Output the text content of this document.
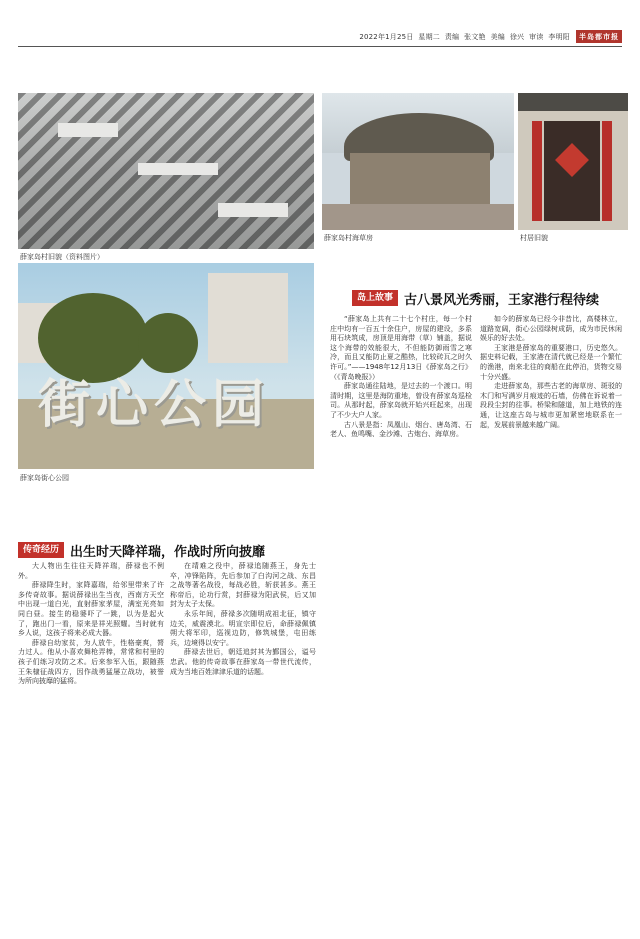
2022年1月25日 星期二 责编 张文艳 美编 徐兴 审读 李明阳	半岛都市报
薛家岛村旧貌（资料图片）
薛家岛村海草房	村居旧貌
街心公园
薛家岛街心公园
岛上故事 古八景风光秀丽，王家港行程待续
传奇经历 出生时天降祥瑞，作战时所向披靡

大人物出生往往天降祥瑞，薛禄也不例外。

薛禄降生时，家降嘉瑞，给邻里带来了许多传奇故事。据说薛禄出生当夜，西南方天空中出现一道白光，直射薛家茅屋，满室光亮如同白昼。接生的稳婆吓了一跳，以为是起火了，跑出门一看，原来是祥光照耀。当时就有乡人说，这孩子将来必成大器。

薛禄自幼家贫，为人放牛，性格豪爽，膂力过人。他从小喜欢舞枪弄棒，常常和村里的孩子们练习攻防之术。后来参军入伍，跟随燕王朱棣征战四方，因作战勇猛屡立战功，被誉为所向披靡的猛将。

在靖难之役中，薛禄追随燕王，身先士卒，冲锋陷阵，先后参加了白沟河之战、东昌之战等著名战役，每战必胜，斩获甚多。燕王称帝后，论功行赏，封薛禄为阳武侯，后又加封为太子太保。

永乐年间，薛禄多次随明成祖北征，镇守边关，威震漠北。明宣宗即位后，命薛禄佩镇朔大将军印，巡视边防，修筑城堡，屯田练兵，边境得以安宁。

薛禄去世后，朝廷追封其为鄞国公，谥号忠武。他的传奇故事在薛家岛一带世代流传，成为当地百姓津津乐道的话题。

“薛家岛上共有二十七个村庄，每一个村庄中均有一百五十余住户，房屋的建设，多系用石块筑成，房顶是用海带（草）铺盖，据说这个海带的效能很大，不但能防御雨雪之寒冷，而且又能防止夏之酷热，比较砖瓦之时久许可。”——1948年12月13日《薛家岛之行》（《青岛晚报》）

薛家岛通往陆地，是过去的一个渡口。明清时期，这里是海防重地，曾设有薛家岛巡检司。从那时起，薛家岛就开始兴旺起来，出现了不少大户人家。

古八景是指：凤凰山、烟台、唐岛湾、石老人、鱼鸣嘴、金沙滩、古炮台、海草房。

如今的薛家岛已经今非昔比，高楼林立，道路宽阔，街心公园绿树成荫，成为市民休闲娱乐的好去处。

王家港是薛家岛的重要港口，历史悠久。据史料记载，王家港在清代就已经是一个繁忙的渔港，南来北往的商船在此停泊，货物交易十分兴盛。

走进薛家岛，那些古老的海草房、斑驳的木门和写满岁月痕迹的石墙，仿佛在诉说着一段段尘封的往事。桥梁和隧道，加上地铁的连通，让这座古岛与城市更加紧密地联系在一起，发展前景越来越广阔。
